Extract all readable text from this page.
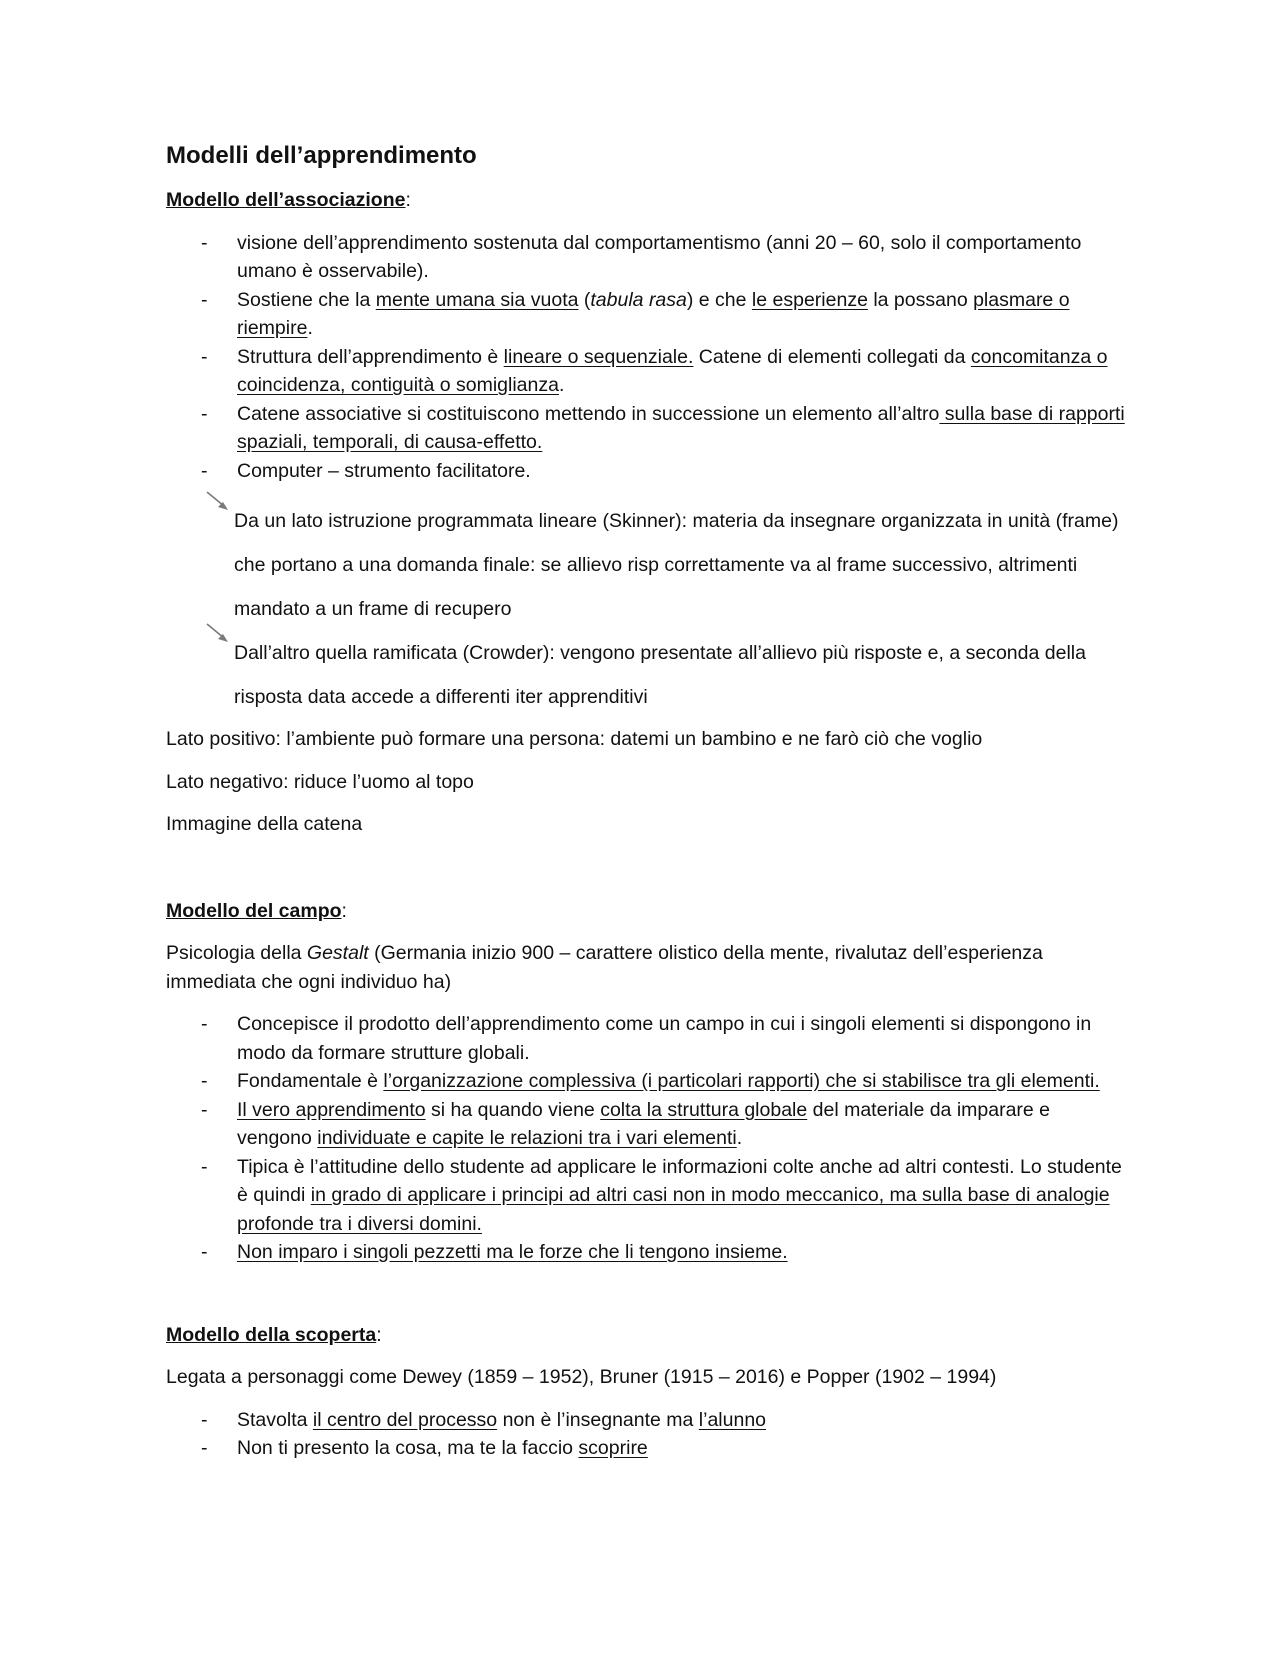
Modelli dell’apprendimento
Modello dell’associazione:
- visione dell’apprendimento sostenuta dal comportamentismo (anni 20 – 60, solo il comportamento umano è osservabile).
- Sostiene che la mente umana sia vuota (tabula rasa) e che le esperienze la possano plasmare o riempire.
- Struttura dell’apprendimento è lineare o sequenziale. Catene di elementi collegati da concomitanza o coincidenza, contiguità o somiglianza.
- Catene associative si costituiscono mettendo in successione un elemento all’altro sulla base di rapporti spaziali, temporali, di causa-effetto.
- Computer – strumento facilitatore.
Da un lato istruzione programmata lineare (Skinner): materia da insegnare organizzata in unità (frame) che portano a una domanda finale: se allievo risp correttamente va al frame successivo, altrimenti mandato a un frame di recupero
Dall’altro quella ramificata (Crowder): vengono presentate all’allievo più risposte e, a seconda della risposta data accede a differenti iter apprenditivi

Lato positivo: l’ambiente può formare una persona: datemi un bambino e ne farò ciò che voglio

Lato negativo: riduce l’uomo al topo

Immagine della catena

Modello del campo:

Psicologia della Gestalt (Germania inizio 900 – carattere olistico della mente, rivalutaz dell’esperienza immediata che ogni individuo ha)

- Concepisce il prodotto dell’apprendimento come un campo in cui i singoli elementi si dispongono in modo da formare strutture globali.
- Fondamentale è l’organizzazione complessiva (i particolari rapporti) che si stabilisce tra gli elementi.
- Il vero apprendimento si ha quando viene colta la struttura globale del materiale da imparare e vengono individuate e capite le relazioni tra i vari elementi.
- Tipica è l’attitudine dello studente ad applicare le informazioni colte anche ad altri contesti. Lo studente è quindi in grado di applicare i principi ad altri casi non in modo meccanico, ma sulla base di analogie profonde tra i diversi domini.
- Non imparo i singoli pezzetti ma le forze che li tengono insieme.
Modello della scoperta:

Legata a personaggi come Dewey (1859 – 1952), Bruner (1915 – 2016) e Popper (1902 – 1994)

- Stavolta il centro del processo non è l’insegnante ma l’alunno
- Non ti presento la cosa, ma te la faccio scoprire
